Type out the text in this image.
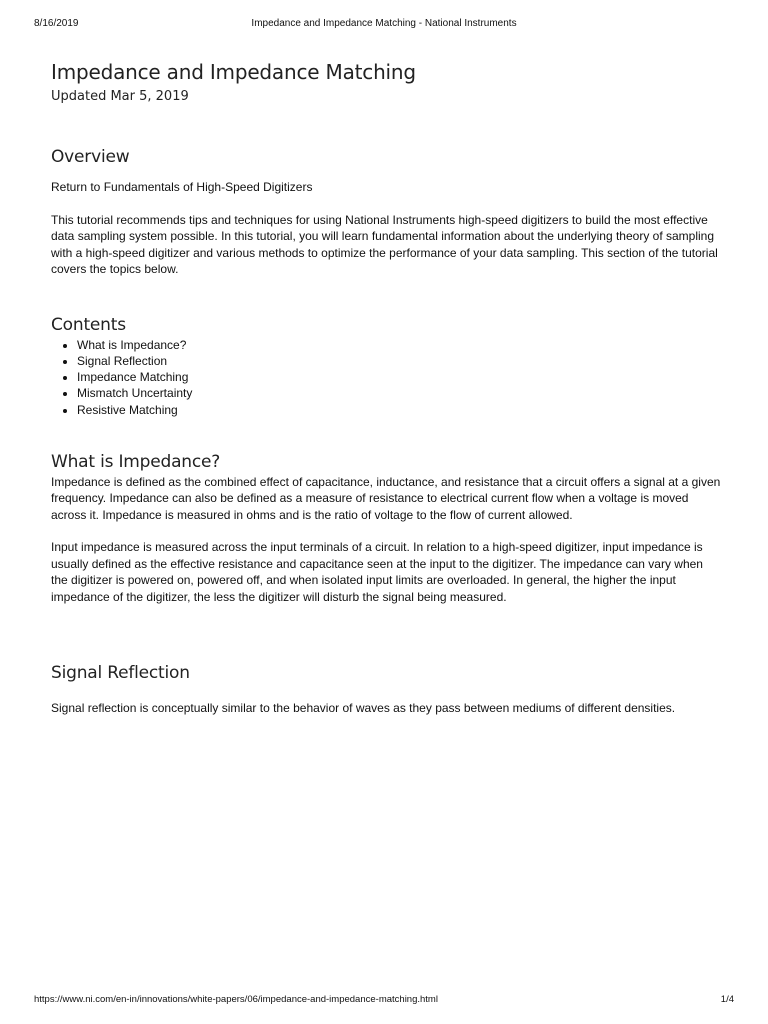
8/16/2019	Impedance and Impedance Matching - National Instruments
Impedance and Impedance Matching
Updated Mar 5, 2019
Overview

Return to Fundamentals of High-Speed Digitizers

This tutorial recommends tips and techniques for using National Instruments high-speed digitizers to build the most effective data sampling system possible. In this tutorial, you will learn fundamental information about the underlying theory of sampling with a high-speed digitizer and various methods to optimize the performance of your data sampling. This section of the tutorial covers the topics below.

Contents
• What is Impedance?
• Signal Reflection
• Impedance Matching
• Mismatch Uncertainty
• Resistive Matching
What is Impedance?

Impedance is defined as the combined effect of capacitance, inductance, and resistance that a circuit offers a signal at a given frequency. Impedance can also be defined as a measure of resistance to electrical current flow when a voltage is moved across it. Impedance is measured in ohms and is the ratio of voltage to the flow of current allowed.

Input impedance is measured across the input terminals of a circuit. In relation to a high-speed digitizer, input impedance is usually defined as the effective resistance and capacitance seen at the input to the digitizer. The impedance can vary when the digitizer is powered on, powered off, and when isolated input limits are overloaded. In general, the higher the input impedance of the digitizer, the less the digitizer will disturb the signal being measured.

Signal Reflection

Signal reflection is conceptually similar to the behavior of waves as they pass between mediums of different densities.

https://www.ni.com/en-in/innovations/white-papers/06/impedance-and-impedance-matching.html	1/4
